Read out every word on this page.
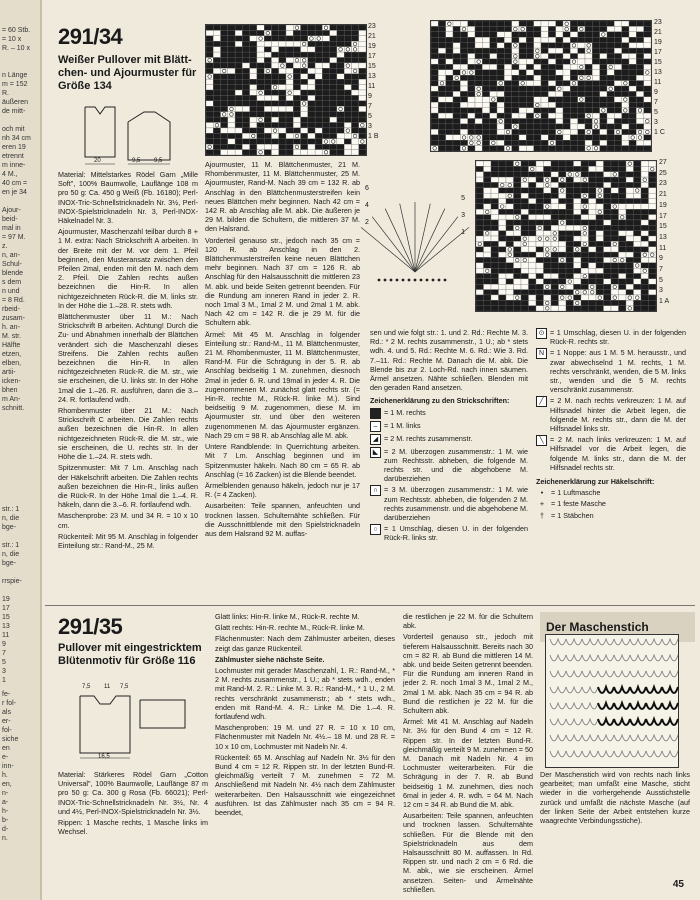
= 60 Stb.
= 10 x
R. – 10 x

n Länge
m = 152 R.
äußeren
de mitt-

och mit
nh 34 cm
eren 19
etrennt
m inne-
4 M.,
40 cm =
en je 34

Ajour-
beid-
mal in
= 97 M.
z.
n, an-
Schul-
blende
s dem
n und
= 8 Rd.
rbeid-
zusam-
h. an-
M. str.
Hälfte
etzen,
elben,
artii-
icken-
bhen
m An-
schnitt.
str.: 1
n, die
bge-

str.: 1
n, die
bge-

rrspie-

19
17
15
13
11
9
7
5
3
1
fe-
r fol-
als
er-
fol-
siche
en
e-
inn-
h.
en,
n-
a-
h-
b-
d-
n.
291/34
Weißer Pullover mit Blätt-chen- und Ajourmuster für Größe 134
20	9,5 9,5

Material: Mittelstarkes Rödel Garn „Mille Soft", 100% Baumwolle, Lauflänge 108 m pro 50 g: Ca. 450 g Weiß (Fb. 16180); Perl-INOX-Tric-Schnellstricknadeln Nr. 3½, Perl-INOX-Spielstricknadeln Nr. 3, Perl-INOX-Häkelnadel Nr. 3.

Ajourmuster, Maschenzahl teilbar durch 8 + 1 M. extra: Nach Strickschrift A arbeiten. In der Breite mit der M. vor dem 1. Pfeil beginnen, den Musteransatz zwischen den Pfeilen 2mal, enden mit den M. nach dem 2. Pfeil. Die Zahlen rechts außen bezeichnen die Hin-R. In allen nichtgezeichneten Rück-R. die M. links str. In der Höhe die 1.–28. R. stets wdh.

Blättchenmuster über 11 M.: Nach Strickschrift B arbeiten. Achtung! Durch die Zu- und Abnahmen innerhalb der Blättchen verändert sich die Maschenzahl dieses Streifens. Die Zahlen rechts außen bezeichnen die Hin-R. In allen nichtgezeichneten Rück-R. die M. str., wie sie erscheinen, die U. links str. In der Höhe 1mal die 1.–26. R. ausführen, dann die 3.–24. R. fortlaufend wdh.

Rhombenmuster über 21 M.: Nach Strickschrift C arbeiten. Die Zahlen rechts außen bezeichnen die Hin-R. In allen nichtgezeichneten Rück-R. die M. str., wie sie erscheinen, die U. rechts str. In der Höhe die 1.–24. R. stets wdh.

Spitzenmuster: Mit 7 Lm. Anschlag nach der Häkelschrift arbeiten. Die Zahlen rechts außen bezeichnen die Hin-R., links außen die Rück-R. In der Höhe 1mal die 1.–4. R. häkeln, dann die 3.–6. R. fortlaufend wdh.

Maschenprobe: 23 M. und 34 R. = 10 x 10 cm.

Rückenteil: Mit 95 M. Anschlag in folgender Einteilung str.: Rand-M., 25 M.

23
21
19
17
15
13
11
9
7
5
3
1 B
23
21
19
17
15
13
11
9
7
5
3
1 C
6
4
2
5
3
1
27
25
23
21
19
17
15
13
11
9
7
5
3
1 A

Ajourmuster, 11 M. Blättchenmuster, 21 M. Rhombenmuster, 11 M. Blättchenmuster, 25 M. Ajourmuster, Rand-M. Nach 39 cm = 132 R. ab Anschlag in den Blättchenmusterstreifen kein neues Blättchen mehr beginnen. Nach 42 cm = 142 R. ab Anschlag alle M. abk. Die äußeren je 29 M. bilden die Schultern, die mittleren 37 M. den Halsrand.

Vorderteil genauso str., jedoch nach 35 cm = 120 R. ab Anschlag in den 2. Blättchenmusterstreifen keine neuen Blättchen mehr beginnen. Nach 37 cm = 126 R. ab Anschlag für den Halsausschnitt die mittleren 23 M. abk. und beide Seiten getrennt beenden. Für die Rundung am inneren Rand in jeder 2. R. noch 1mal 3 M., 1mal 2 M. und 2mal 1 M. abk. Nach 42 cm = 142 R. die je 29 M. für die Schultern abk.

Ärmel: Mit 45 M. Anschlag in folgender Einteilung str.: Rand-M., 11 M. Blättchenmuster, 21 M. Rhombenmuster, 11 M. Blättchenmuster, Rand-M. Für die Schrägung in der 5. R. ab Anschlag beidseitig 1 M. zunehmen, diesnoch 2mal in jeder 6. R. und 19mal in jeder 4. R. Die zugenommenen M. zunächst glatt rechts str. (= Hin-R. rechte M., Rück-R. linke M.). Sind beidseitig 9 M. zugenommen, diese M. im Ajourmuster str. und über den weiteren zugenommenen M. das Ajourmuster ergänzen. Nach 29 cm = 98 R. ab Anschlag alle M. abk.

Untere Randblende: In Querrichtung arbeiten. Mit 7 Lm. Anschlag beginnen und im Spitzenmuster häkeln. Nach 80 cm = 65 R. ab Anschlag (= 16 Zacken) ist die Blende beendet.

Ärmelblenden genauso häkeln, jedoch nur je 17 R. (= 4 Zacken).

Ausarbeiten: Teile spannen, anfeuchten und trocknen lassen. Schulternähte schließen. Für die Ausschnittblende mit den Spielstricknadeln aus dem Halsrand 92 M. auffas-

sen und wie folgt str.: 1. und 2. Rd.: Rechte M. 3. Rd.: * 2 M. rechts zusammenstr., 1 U.; ab * stets wdh. 4. und 5. Rd.: Rechte M. 6. Rd.: Wie 3. Rd. 7.–11. Rd.: Rechte M. Danach die M. abk. Die Blende bis zur 2. Loch-Rd. nach innen säumen. Ärmel ansetzen. Nähte schließen. Blenden mit den geraden Rand ansetzen.

Zeichenerklärung zu den Strickschriften:

= 1 M. rechts
– = 1 M. links
◢ = 2 M. rechts zusammenstr.
◣ = 2 M. überzogen zusammenstr.: 1 M. wie zum Rechtsstr. abheben, die folgende M. rechts str. und die abgehobene M. darüberziehen
∩ = 3 M. überzogen zusammenstr.: 1 M. wie zum Rechtsstr. abheben, die folgenden 2 M. rechts zusammenstr. und die abgehobene M. darüberziehen
○ = 1 Umschlag, diesen U. in der folgenden Rück-R. links str.
⊙ = 1 Umschlag, diesen U. in der folgenden Rück-R. rechts str.
N = 1 Noppe: aus 1 M. 5 M. herausstr., und zwar abwechselnd 1 M. rechts, 1 M. rechts verschränkt, wenden, die 5 M. links str., wenden und die 5 M. rechts verschränkt zusammenstr.
╱ = 2 M. nach rechts verkreuzen: 1 M. auf Hilfsnadel hinter die Arbeit legen, die folgende M. rechts str., dann die M. der Hilfsnadel links str.
╲ = 2 M. nach links verkreuzen: 1 M. auf Hilfsnadel vor die Arbeit legen, die folgende M. links str., dann die M. der Hilfsnadel rechts str.

Zeichenerklärung zur Häkelschrift:

•	= 1 Luftmasche
+ = 1 feste Masche
† = 1 Stäbchen
291/35
Pullover mit eingestricktem Blütenmotiv für Größe 116
7,5 11 7,5
16,5

Material: Stärkeres Rödel Garn „Cotton Universal", 100% Baumwolle, Lauflänge 87 m pro 50 g: Ca. 300 g Rosa (Fb. 66021); Perl-INOX-Tric-Schnellstricknadeln Nr. 3½, Nr. 4 und 4½, Perl-INOX-Spielstricknadeln Nr. 3½.

Rippen: 1 Masche rechts, 1 Masche links im Wechsel.

Glatt links: Hin-R. linke M., Rück-R. rechte M.

Glatt rechts: Hin-R. rechte M., Rück-R. linke M.

Flächenmuster: Nach dem Zählmuster arbeiten, dieses zeigt das ganze Rückenteil.

Zählmuster siehe nächste Seite.

Lochmuster mit gerader Maschenzahl, 1. R.: Rand-M., * 2 M. rechts zusammenstr., 1 U.; ab * stets wdh., enden mit Rand-M. 2. R.: Linke M. 3. R.: Rand-M., * 1 U., 2 M. rechts verschränkt zusammenstr.; ab * stets wdh., enden mit Rand-M. 4. R.: Linke M. Die 1.–4. R. fortlaufend wdh.

Maschenproben: 19 M. und 27 R. = 10 x 10 cm, Flächenmuster mit Nadeln Nr. 4½.– 18 M. und 28 R. = 10 x 10 cm, Lochmuster mit Nadeln Nr. 4.

Rückenteil: 65 M. Anschlag auf Nadeln Nr. 3½ für den Bund 4 cm = 12 R. Rippen str. In der letzten Bund-R. gleichmäßig verteilt 7 M. zunehmen = 72 M. Anschließend mit Nadeln Nr. 4½ nach dem Zählmuster weiterarbeiten. Den Halsausschnitt wie eingezeichnet ausführen. Ist das Zählmuster nach 35 cm = 94 R. beendet,

die restlichen je 22 M. für die Schultern abk.

Vorderteil genauso str., jedoch mit tieferem Halsausschnitt. Bereits nach 30 cm = 82 R. ab Bund die mittleren 14 M. abk. und beide Seiten getrennt beenden. Für die Rundung am inneren Rand in jeder 2. R. noch 1mal 3 M., 1mal 2 M., 2mal 1 M. abk. Nach 35 cm = 94 R. ab Bund die restlichen je 22 M. für die Schultern abk.

Ärmel: Mit 41 M. Anschlag auf Nadeln Nr. 3½ für den Bund 4 cm = 12 R. Rippen str. In der letzten Bund-R. gleichmäßig verteilt 9 M. zunehmen = 50 M. Danach mit Nadeln Nr. 4 im Lochmuster weiterarbeiten. Für die Schrägung in der 7. R. ab Bund beidseitig 1 M. zunehmen, dies noch 6mal in jeder 4. R. wdh. = 64 M. Nach 12 cm = 34 R. ab Bund die M. abk.

Ausarbeiten: Teile spannen, anfeuchten und trocknen lassen. Schulternähte schließen. Für die Blende mit den Spielstricknadeln aus dem Halsausschnitt 80 M. auffassen. In Rd. Rippen str. und nach 2 cm = 6 Rd. die M. abk., wie sie erscheinen. Ärmel ansetzen. Seiten- und Ärmelnähte schließen.

Der Maschenstich
Der Maschenstich wird von rechts nach links gearbeitet; man umfaßt eine Masche, sticht wieder in die vorhergehende Ausstichstelle zurück und umfaßt die nächste Masche (auf der linken Seite der Arbeit entstehen kurze waagrechte Verbindungsstiche).
45
